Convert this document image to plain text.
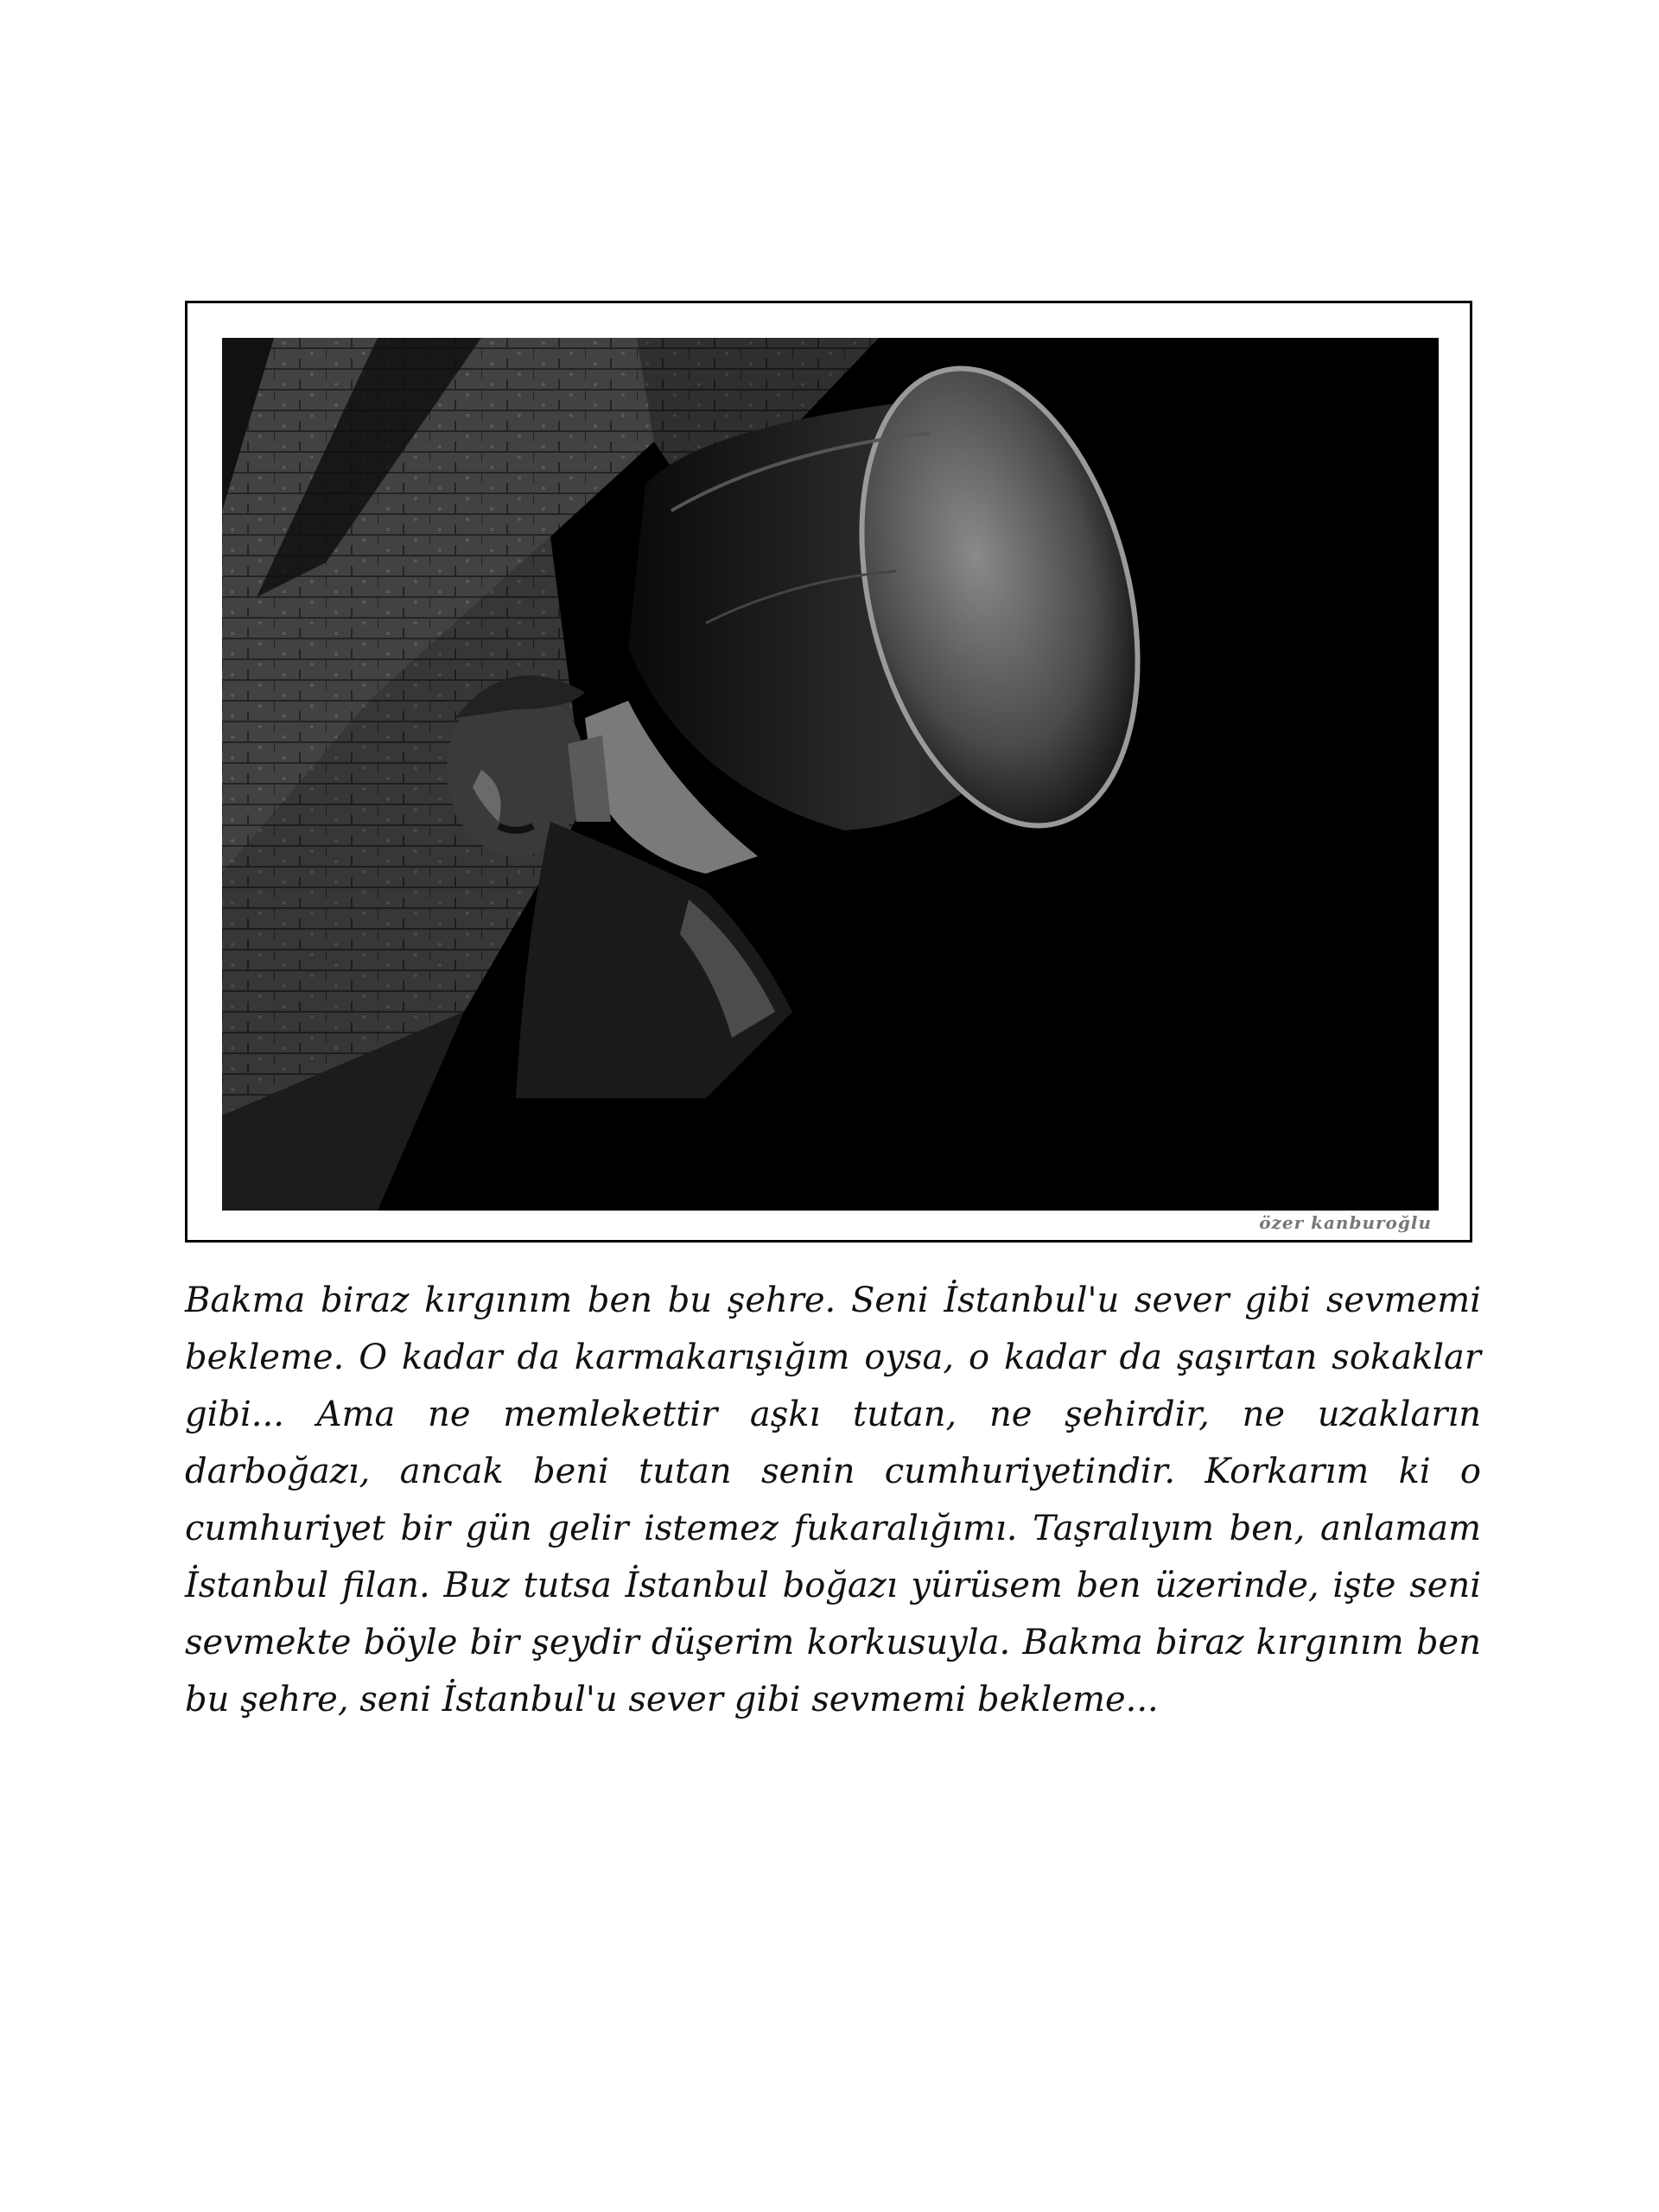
özer kanburoğlu

Bakma biraz kırgınım ben bu şehre. Seni İstanbul'u sever gibi sevmemi bekleme. O kadar da karmakarışığım oysa, o kadar da şaşırtan sokaklar gibi... Ama ne memlekettir aşkı tutan, ne şehirdir, ne uzakların darboğazı, ancak beni tutan senin cumhuriyetindir. Korkarım ki o cumhuriyet bir gün gelir istemez fukaralığımı. Taşralıyım ben, anlamam İstanbul filan. Buz tutsa İstanbul boğazı yürüsem ben üzerinde, işte seni sevmekte böyle bir şeydir düşerim korkusuyla. Bakma biraz kırgınım ben bu şehre, seni İstanbul'u sever gibi sevmemi bekleme...
